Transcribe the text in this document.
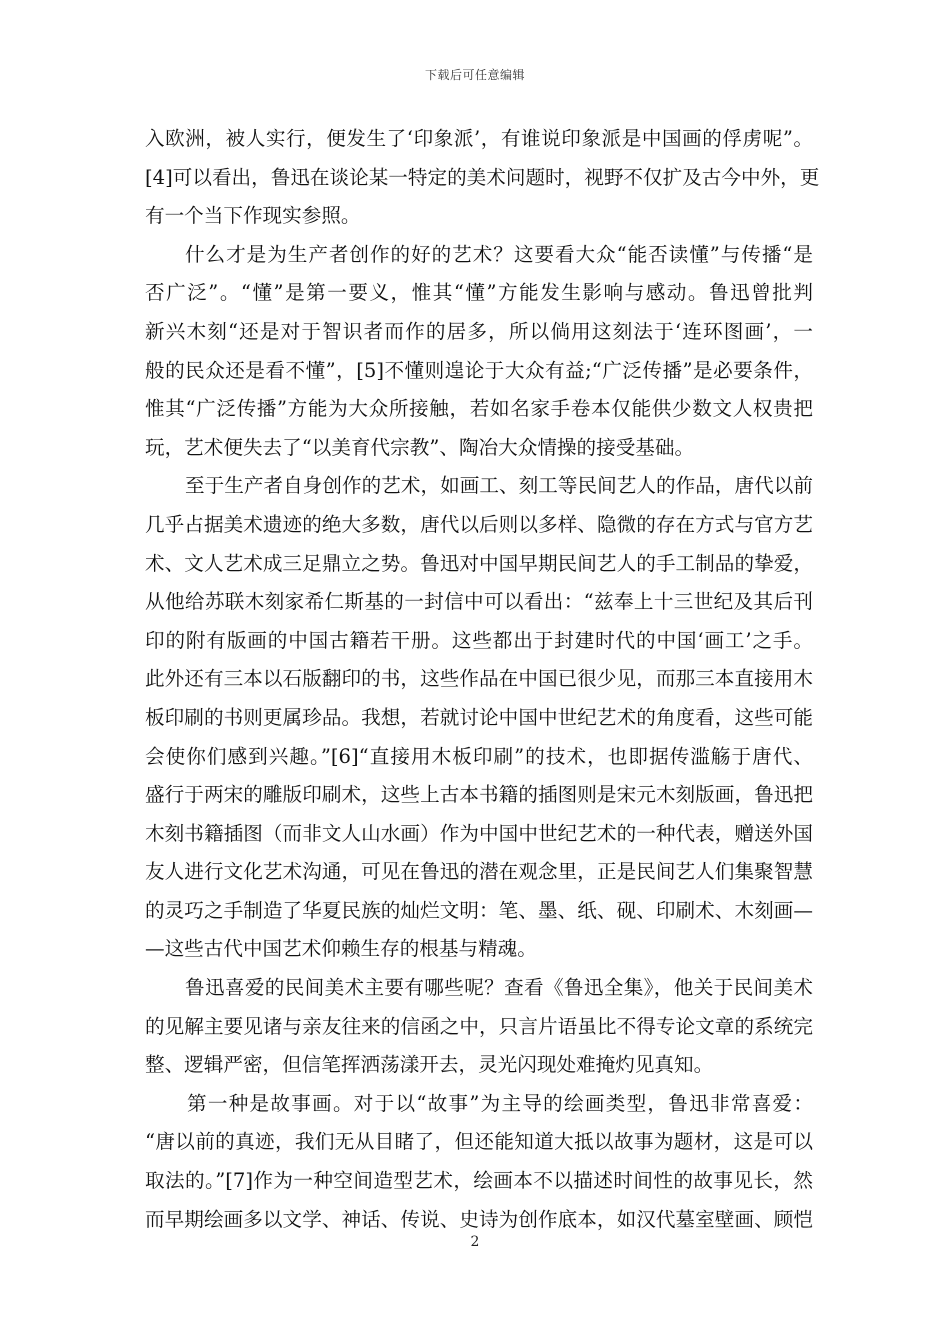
下载后可任意编辑
入欧洲，被人实行，便发生了‘印象派’，有谁说印象派是中国画的俘虏呢”。
[4]可以看出，鲁迅在谈论某一特定的美术问题时，视野不仅扩及古今中外，更
有一个当下作现实参照。
什么才是为生产者创作的好的艺术？这要看大众“能否读懂”与传播“是
否广泛”。“懂”是第一要义，惟其“懂”方能发生影响与感动。鲁迅曾批判
新兴木刻“还是对于智识者而作的居多，所以倘用这刻法于‘连环图画’，一
般的民众还是看不懂”，[5]不懂则遑论于大众有益;“广泛传播”是必要条件，
惟其“广泛传播”方能为大众所接触，若如名家手卷本仅能供少数文人权贵把
玩，艺术便失去了“以美育代宗教”、陶冶大众情操的接受基础。
至于生产者自身创作的艺术，如画工、刻工等民间艺人的作品，唐代以前
几乎占据美术遗迹的绝大多数，唐代以后则以多样、隐微的存在方式与官方艺
术、文人艺术成三足鼎立之势。鲁迅对中国早期民间艺人的手工制品的挚爱，
从他给苏联木刻家希仁斯基的一封信中可以看出：“兹奉上十三世纪及其后刊
印的附有版画的中国古籍若干册。这些都出于封建时代的中国‘画工’之手。
此外还有三本以石版翻印的书，这些作品在中国已很少见，而那三本直接用木
板印刷的书则更属珍品。我想，若就讨论中国中世纪艺术的角度看，这些可能
会使你们感到兴趣。”[6]“直接用木板印刷”的技术，也即据传滥觞于唐代、
盛行于两宋的雕版印刷术，这些上古本书籍的插图则是宋元木刻版画，鲁迅把
木刻书籍插图（而非文人山水画）作为中国中世纪艺术的一种代表，赠送外国
友人进行文化艺术沟通，可见在鲁迅的潜在观念里，正是民间艺人们集聚智慧
的灵巧之手制造了华夏民族的灿烂文明：笔、墨、纸、砚、印刷术、木刻画—
—这些古代中国艺术仰赖生存的根基与精魂。
鲁迅喜爱的民间美术主要有哪些呢？查看《鲁迅全集》，他关于民间美术
的见解主要见诸与亲友往来的信函之中，只言片语虽比不得专论文章的系统完
整、逻辑严密，但信笔挥洒荡漾开去，灵光闪现处难掩灼见真知。
第一种是故事画。对于以“故事”为主导的绘画类型，鲁迅非常喜爱：
“唐以前的真迹，我们无从目睹了，但还能知道大抵以故事为题材，这是可以
取法的。”[7]作为一种空间造型艺术，绘画本不以描述时间性的故事见长，然
而早期绘画多以文学、神话、传说、史诗为创作底本，如汉代墓室壁画、顾恺
2
